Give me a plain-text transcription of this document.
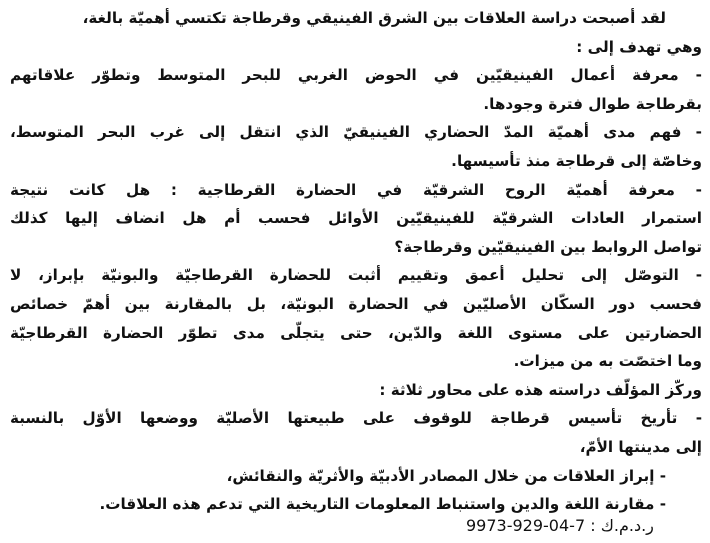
لقد أصبحت دراسة العلاقات بين الشرق الفينيقي وقرطاجة تكتسي أهميّة بالغة،
وهي تهدف إلى :
- معرفة أعمال الفينيقيّين في الحوض الغربي للبحر المتوسط وتطوّر علاقاتهم
بقرطاجة طوال فترة وجودها.
- فهم مدى أهميّة المدّ الحضاري الفينيقيّ الذي انتقل إلى غرب البحر المتوسط،
وخاصّة إلى قرطاجة منذ تأسيسها.
- معرفة أهميّة الروح الشرقيّة في الحضارة القرطاجية : هل كانت نتيجة
استمرار العادات الشرقيّة للفينيقيّين الأوائل فحسب أم هل انضاف إليها كذلك
تواصل الروابط بين الفينيقيّين وقرطاجة؟
- التوصّل إلى تحليل أعمق وتقييم أثبت للحضارة القرطاجيّة والبونيّة بإبراز، لا
فحسب دور السكّان الأصليّين في الحضارة البونيّة، بل بالمقارنة بين أهمّ خصائص
الحضارتين على مستوى اللغة والدّين، حتى يتجلّى مدى تطوّر الحضارة القرطاجيّة
وما اختصّت به من ميزات.
وركّز المؤلّف دراسته هذه على محاور ثلاثة :
- تأريخ تأسيس قرطاجة للوقوف على طبيعتها الأصليّة ووضعها الأوّل بالنسبة
إلى مدينتها الأمّ،
- إبراز العلاقات من خلال المصادر الأدبيّة والأثريّة والنقائش،
- مقارنة اللغة والدين واستنباط المعلومات التاريخية التي تدعم هذه العلاقات.
ر.د.م.ك : 9973-929-04-7
